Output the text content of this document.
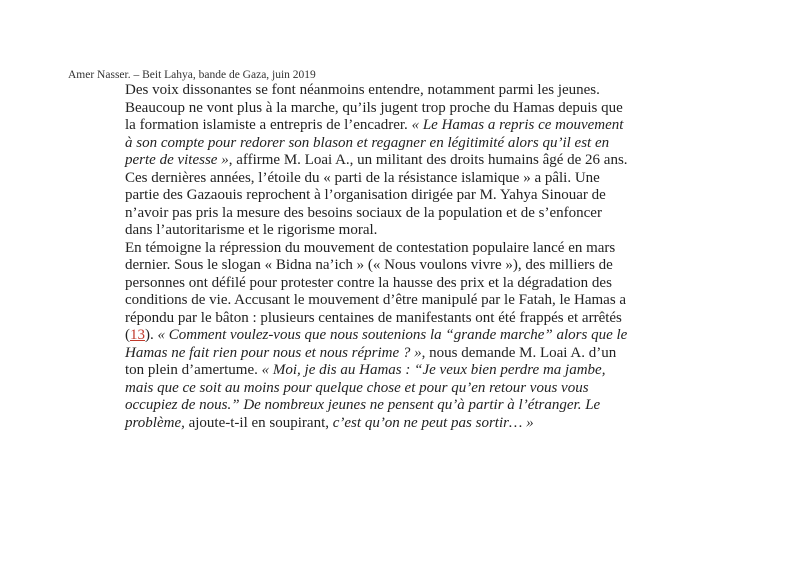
Amer Nasser. – Beit Lahya, bande de Gaza, juin 2019

Des voix dissonantes se font néanmoins entendre, notamment parmi les jeunes. Beaucoup ne vont plus à la marche, qu’ils jugent trop proche du Hamas depuis que la formation islamiste a entrepris de l’encadrer. « Le Hamas a repris ce mouvement à son compte pour redorer son blason et regagner en légitimité alors qu’il est en perte de vitesse », affirme M. Loai A., un militant des droits humains âgé de 26 ans. Ces dernières années, l’étoile du « parti de la résistance islamique » a pâli. Une partie des Gazaouis reprochent à l’organisation dirigée par M. Yahya Sinouar de n’avoir pas pris la mesure des besoins sociaux de la population et de s’enfoncer dans l’autoritarisme et le rigorisme moral.

En témoigne la répression du mouvement de contestation populaire lancé en mars dernier. Sous le slogan « Bidna na’ich » (« Nous voulons vivre »), des milliers de personnes ont défilé pour protester contre la hausse des prix et la dégradation des conditions de vie. Accusant le mouvement d’être manipulé par le Fatah, le Hamas a répondu par le bâton : plusieurs centaines de manifestants ont été frappés et arrêtés (13). « Comment voulez-vous que nous soutenions la “grande marche” alors que le Hamas ne fait rien pour nous et nous réprime ? », nous demande M. Loai A. d’un ton plein d’amertume. « Moi, je dis au Hamas : “Je veux bien perdre ma jambe, mais que ce soit au moins pour quelque chose et pour qu’en retour vous vous occupiez de nous.” De nombreux jeunes ne pensent qu’à partir à l’étranger. Le problème, ajoute-t-il en soupirant, c’est qu’on ne peut pas sortir… »
